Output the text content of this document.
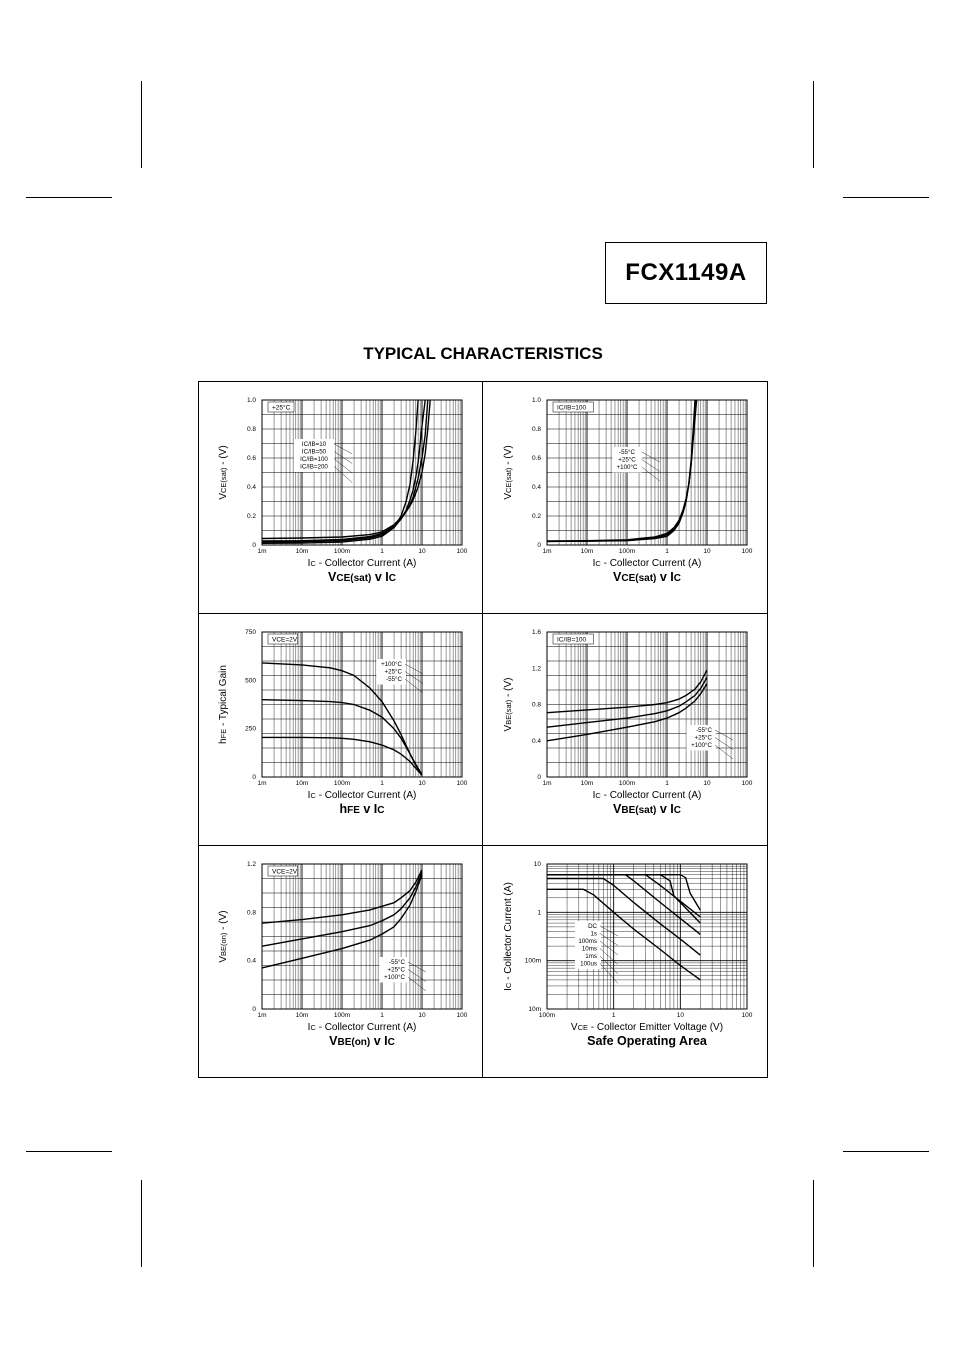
FCX1149A
TYPICAL CHARACTERISTICS
1m	10m	100m	1	10	100
0
0.2
0.4
0.6
0.8
1.0
+25°C
IC/IB=10
IC/IB=50
IC/IB=100
IC/IB=200
IC - Collector Current (A)
VCE(sat) - (V)
VCE(sat) v IC
1m	10m	100m	1	10	100
0
0.2
0.4
0.6
0.8
1.0
IC/IB=100
-55°C
+25°C
+100°C
IC - Collector Current (A)
VCE(sat) - (V)
VCE(sat) v IC
1m	10m	100m	1	10	100
0
250
500
750
VCE=2V
+100°C
+25°C
-55°C
IC - Collector Current (A)
hFE - Typical Gain
hFE v IC
1m	10m	100m	1	10	100
0
0.4
0.8
1.2
1.6
IC/IB=100
-55°C
+25°C
+100°C
IC - Collector Current (A)
VBE(sat) - (V)
VBE(sat) v IC
1m	10m	100m	1	10	100
0
0.4
0.8
1.2
VCE=2V
-55°C
+25°C
+100°C
IC - Collector Current (A)
VBE(on) - (V)
VBE(on) v IC
100m	1	10	100
10m
100m
1
10
DC
1s
100ms
10ms
1ms
100us
VCE - Collector Emitter Voltage (V)
IC - Collector Current (A)
Safe Operating Area
